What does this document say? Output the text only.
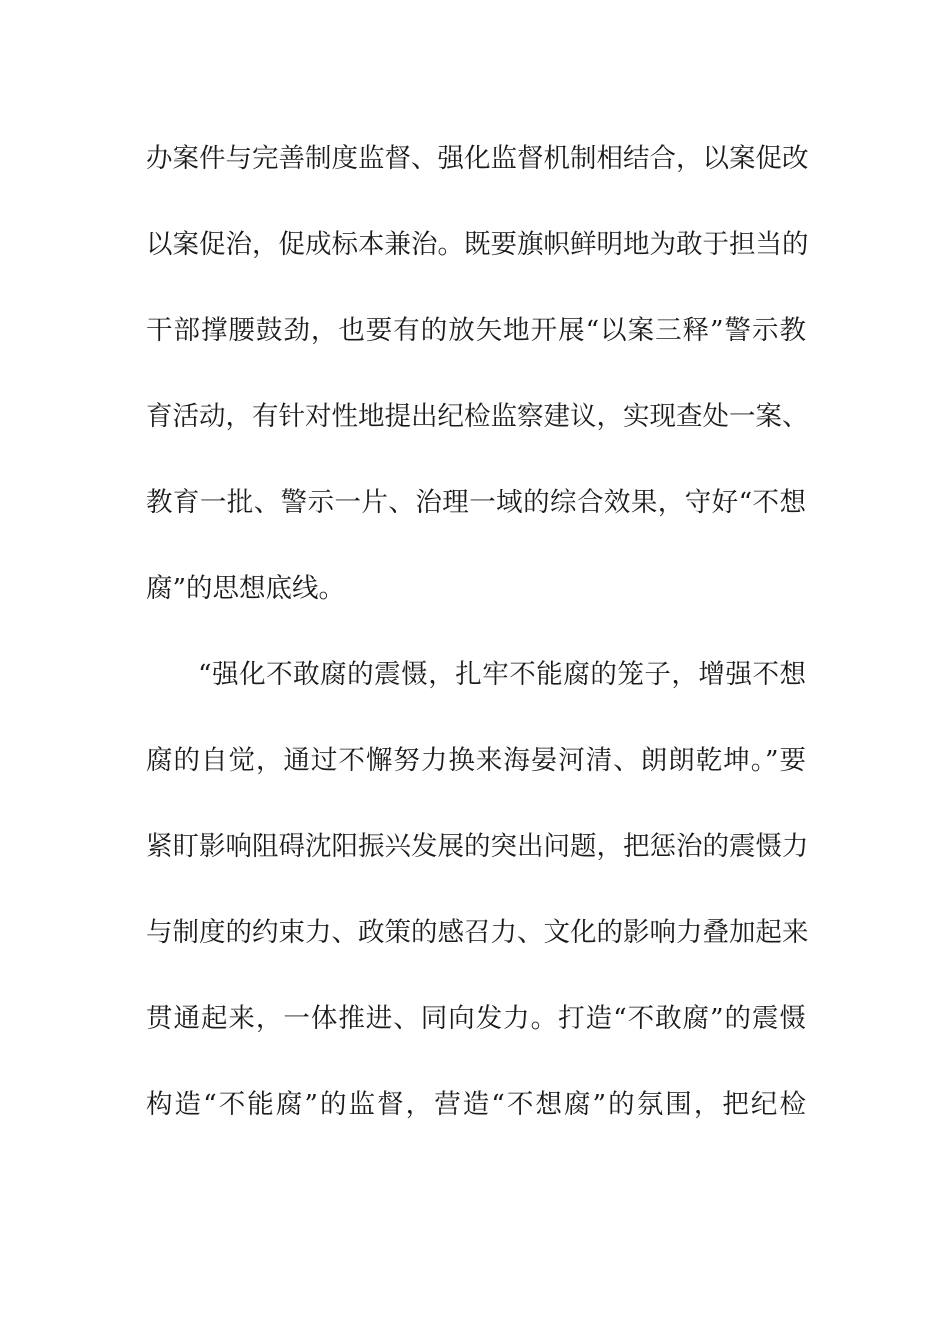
办案件与完善制度监督、强化监督机制相结合，以案促改
以案促治，促成标本兼治。既要旗帜鲜明地为敢于担当的
干部撑腰鼓劲，也要有的放矢地开展“以案三释”警示教
育活动，有针对性地提出纪检监察建议，实现查处一案、
教育一批、警示一片、治理一域的综合效果，守好“不想
腐”的思想底线。
“强化不敢腐的震慑，扎牢不能腐的笼子，增强不想
腐的自觉，通过不懈努力换来海晏河清、朗朗乾坤。”要
紧盯影响阻碍沈阳振兴发展的突出问题，把惩治的震慑力
与制度的约束力、政策的感召力、文化的影响力叠加起来
贯通起来，一体推进、同向发力。打造“不敢腐”的震慑
构造“不能腐”的监督，营造“不想腐”的氛围，把纪检
